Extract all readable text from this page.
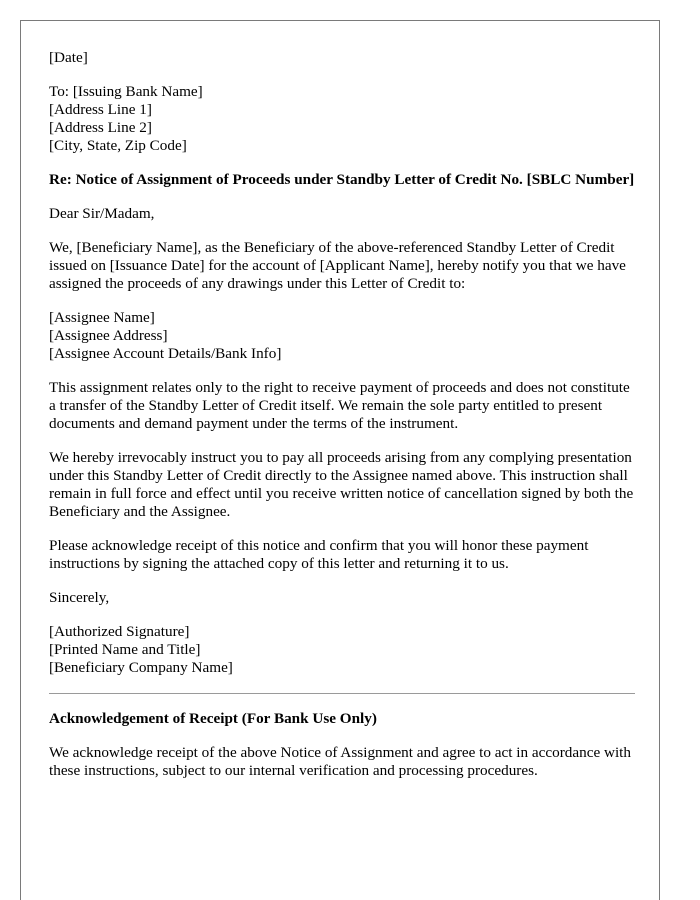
[Date]
To: [Issuing Bank Name]
[Address Line 1]
[Address Line 2]
[City, State, Zip Code]
Re: Notice of Assignment of Proceeds under Standby Letter of Credit No. [SBLC Number]
Dear Sir/Madam,
We, [Beneficiary Name], as the Beneficiary of the above-referenced Standby Letter of Credit issued on [Issuance Date] for the account of [Applicant Name], hereby notify you that we have assigned the proceeds of any drawings under this Letter of Credit to:
[Assignee Name]
[Assignee Address]
[Assignee Account Details/Bank Info]
This assignment relates only to the right to receive payment of proceeds and does not constitute a transfer of the Standby Letter of Credit itself. We remain the sole party entitled to present documents and demand payment under the terms of the instrument.
We hereby irrevocably instruct you to pay all proceeds arising from any complying presentation under this Standby Letter of Credit directly to the Assignee named above. This instruction shall remain in full force and effect until you receive written notice of cancellation signed by both the Beneficiary and the Assignee.
Please acknowledge receipt of this notice and confirm that you will honor these payment instructions by signing the attached copy of this letter and returning it to us.
Sincerely,
[Authorized Signature]
[Printed Name and Title]
[Beneficiary Company Name]
Acknowledgement of Receipt (For Bank Use Only)
We acknowledge receipt of the above Notice of Assignment and agree to act in accordance with these instructions, subject to our internal verification and processing procedures.
